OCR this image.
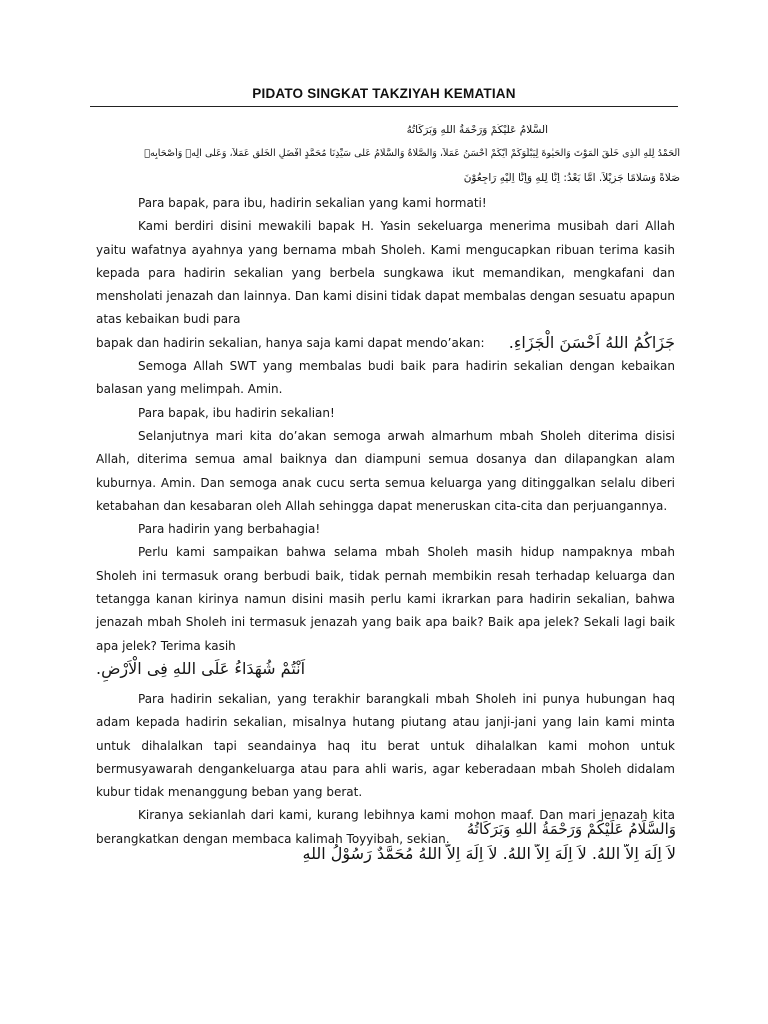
PIDATO SINGKAT TAKZIYAH KEMATIAN
اَلسَّلَامُ عَلَيْكُمْ وَرَحْمَةُ اللهِ وَبَرَكَاتُهُ
اَلْحَمْدُ لِلّٰهِ الَّذِى خَلَقَ الْمَوْتَ وَالْحَيٰوةَ لِيَبْلُوَكُمْ اَيُّكُمْ اَحْسَنُ عَمَلاً، وَالصَّلَاةُ وَالسَّلَامُ عَلٰى سَيِّدِنَا مُحَمَّدٍ اَفْضَلِ الْخَلْقِ عَمَلاً، وَعَلٰى اٰلِهٖ وَاَصْحَابِهٖ
صَلَاةً وَسَلَامًا جَزِيْلاً. اَمَّا بَعْدُ: اِنَّا لِلّٰهِ وَاِنَّا اِلَيْهِ رَاجِعُوْنَ

Para bapak, para ibu, hadirin sekalian yang kami hormati!

Kami berdiri disini mewakili bapak H. Yasin sekeluarga menerima musibah dari Allah yaitu wafatnya ayahnya yang bernama mbah Sholeh. Kami mengucapkan ribuan terima kasih kepada para hadirin sekalian yang berbela sungkawa ikut memandikan, mengkafani dan mensholati jenazah dan lainnya. Dan kami disini tidak dapat membalas dengan sesuatu apapun atas kebaikan budi para

bapak dan hadirin sekalian, hanya saja kami dapat mendo’akan: جَزَاكُمُ اللهُ اَحْسَنَ الْجَزَاءِ.

Semoga Allah SWT yang membalas budi baik para hadirin sekalian dengan kebaikan balasan yang melimpah. Amin.

Para bapak, ibu hadirin sekalian!

Selanjutnya mari kita do’akan semoga arwah almarhum mbah Sholeh diterima disisi Allah, diterima semua amal baiknya dan diampuni semua dosanya dan dilapangkan alam kuburnya. Amin. Dan semoga anak cucu serta semua keluarga yang ditinggalkan selalu diberi ketabahan dan kesabaran oleh Allah sehingga dapat meneruskan cita-cita dan perjuangannya.

Para hadirin yang berbahagia!

Perlu kami sampaikan bahwa selama mbah Sholeh masih hidup nampaknya mbah Sholeh ini termasuk orang berbudi baik, tidak pernah membikin resah terhadap keluarga dan tetangga kanan kirinya namun disini masih perlu kami ikrarkan para hadirin sekalian, bahwa jenazah mbah Sholeh ini termasuk jenazah yang baik apa baik? Baik apa jelek? Sekali lagi baik apa jelek? Terima kasih

اَنْتُمْ شُهَدَاءُ عَلَى اللهِ فِى الْاَرْضِ.

Para hadirin sekalian, yang terakhir barangkali mbah Sholeh ini punya hubungan haq adam kepada hadirin sekalian, misalnya hutang piutang atau janji-jani yang lain kami minta untuk dihalalkan tapi seandainya haq itu berat untuk dihalalkan kami mohon untuk bermusyawarah dengankeluarga atau para ahli waris, agar keberadaan mbah Sholeh didalam kubur tidak menanggung beban yang berat.

Kiranya sekianlah dari kami, kurang lebihnya kami mohon maaf. Dan mari jenazah kita berangkatkan dengan membaca kalimah Toyyibah, sekian.

وَالسَّلَامُ عَلَيْكُمْ وَرَحْمَةُ اللهِ وَبَرَكَاتُهُ
لاَ اِلَهَ اِلاَّ اللهُ. لاَ اِلَهَ اِلاَّ اللهُ. لاَ اِلَهَ اِلاَّ اللهُ مُحَمَّدٌ رَسُوْلُ اللهِ
